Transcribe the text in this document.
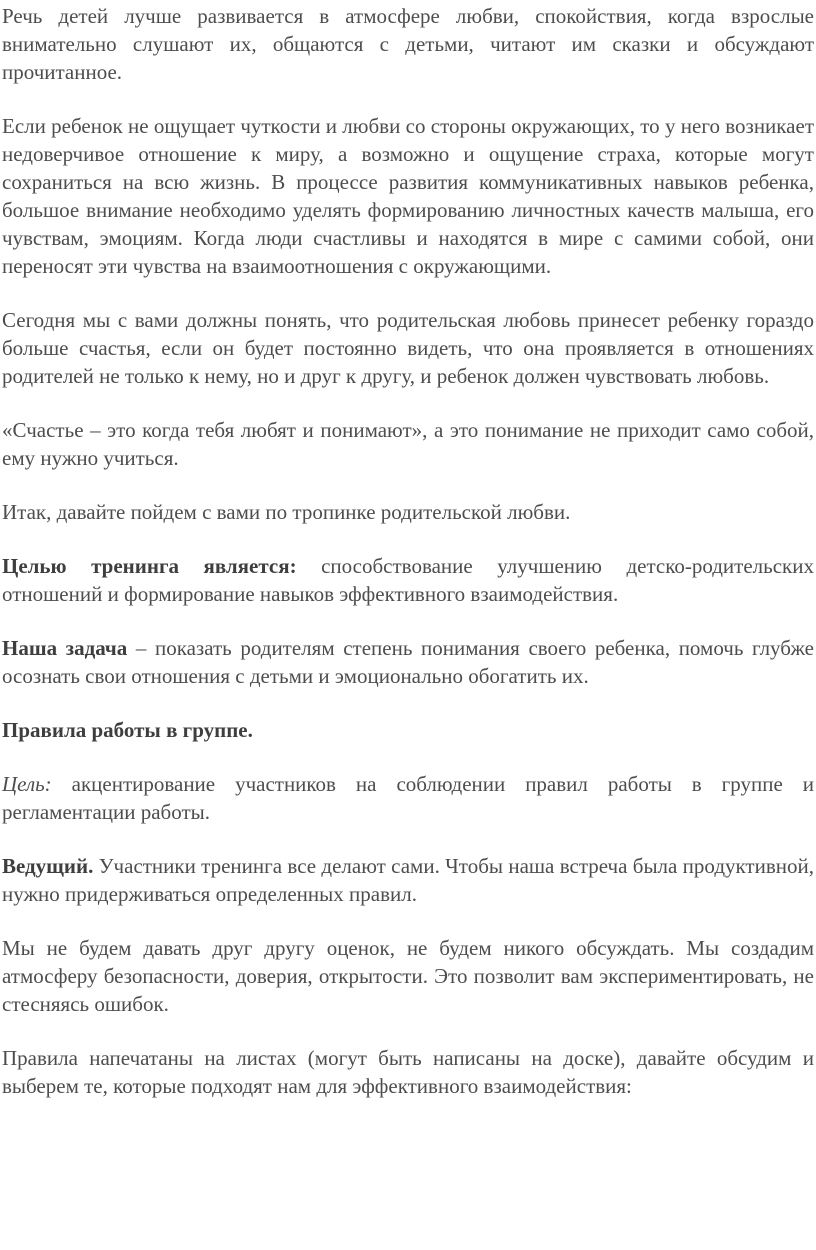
Речь детей лучше развивается в атмосфере любви, спокойствия, когда взрослые внимательно слушают их, общаются с детьми, читают им сказки и обсуждают прочитанное.

Если ребенок не ощущает чуткости и любви со стороны окружающих, то у него возникает недоверчивое отношение к миру, а возможно и ощущение страха, которые могут сохраниться на всю жизнь. В процессе развития коммуникативных навыков ребенка, большое внимание необходимо уделять формированию личностных качеств малыша, его чувствам, эмоциям. Когда люди счастливы и находятся в мире с самими собой, они переносят эти чувства на взаимоотношения с окружающими.

Сегодня мы с вами должны понять, что родительская любовь принесет ребенку гораздо больше счастья, если он будет постоянно видеть, что она проявляется в отношениях родителей не только к нему, но и друг к другу, и ребенок должен чувствовать любовь.

«Счастье – это когда тебя любят и понимают», а это понимание не приходит само собой, ему нужно учиться.

Итак, давайте пойдем с вами по тропинке родительской любви.

Целью тренинга является: способствование улучшению детско-родительских отношений и формирование навыков эффективного взаимодействия.

Наша задача – показать родителям степень понимания своего ребенка, помочь глубже осознать свои отношения с детьми и эмоционально обогатить их.

Правила работы в группе.

Цель: акцентирование участников на соблюдении правил работы в группе и регламентации работы.

Ведущий. Участники тренинга все делают сами. Чтобы наша встреча была продуктивной, нужно придерживаться определенных правил.

Мы не будем давать друг другу оценок, не будем никого обсуждать. Мы создадим атмосферу безопасности, доверия, открытости. Это позволит вам экспериментировать, не стесняясь ошибок.

Правила напечатаны на листах (могут быть написаны на доске), давайте обсудим и выберем те, которые подходят нам для эффективного взаимодействия:
